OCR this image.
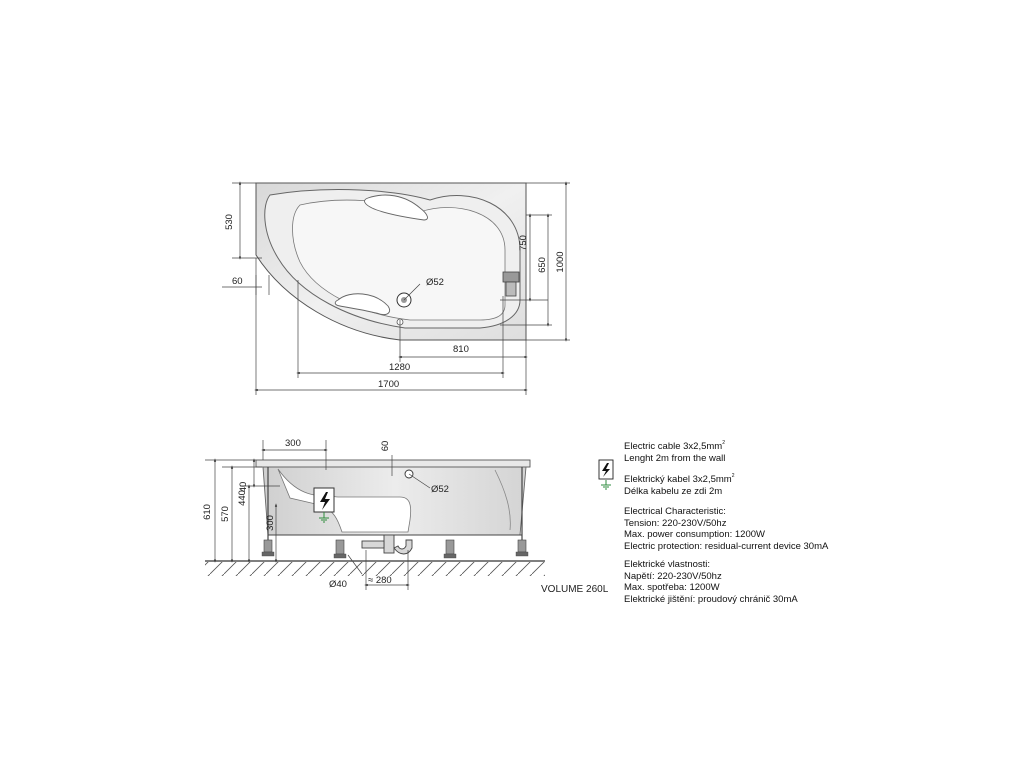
530
60	Ø52
750
650 1000
810
1280
1700
300	60
Ø52
610 570
440
40
300
Ø40 ≈ 280
VOLUME 260L

Electric cable $3x2,5mm^2$

Lenght 2m from the wall

Elektrický kabel $3x2,5mm^2$

Délka kabelu ze zdi 2m

Electrical Characteristic:

Tension: 220-230V/50hz

Max. power consumption: 1200W

Electric protection: residual-current device 30mA

Elektrické vlastnosti:

Napětí: 220-230V/50hz

Max. spotřeba: 1200W

Elektrické jištění: proudový chránič 30mA
